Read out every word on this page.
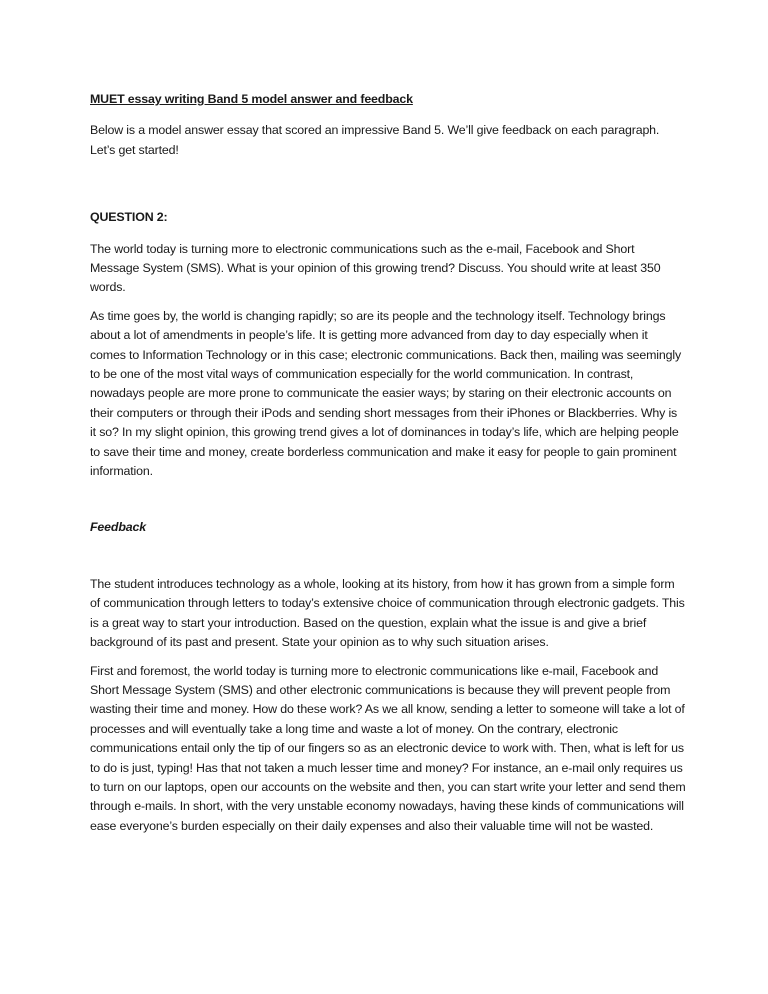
MUET essay writing Band 5 model answer and feedback

Below is a model answer essay that scored an impressive Band 5. We’ll give feedback on each paragraph. Let’s get started!

QUESTION 2:

The world today is turning more to electronic communications such as the e-mail, Facebook and Short Message System (SMS). What is your opinion of this growing trend? Discuss. You should write at least 350 words.

As time goes by, the world is changing rapidly; so are its people and the technology itself. Technology brings about a lot of amendments in people’s life. It is getting more advanced from day to day especially when it comes to Information Technology or in this case; electronic communications. Back then, mailing was seemingly to be one of the most vital ways of communication especially for the world communication. In contrast, nowadays people are more prone to communicate the easier ways; by staring on their electronic accounts on their computers or through their iPods and sending short messages from their iPhones or Blackberries. Why is it so? In my slight opinion, this growing trend gives a lot of dominances in today’s life, which are helping people to save their time and money, create borderless communication and make it easy for people to gain prominent information.

Feedback

The student introduces technology as a whole, looking at its history, from how it has grown from a simple form of communication through letters to today’s extensive choice of communication through electronic gadgets. This is a great way to start your introduction. Based on the question, explain what the issue is and give a brief background of its past and present. State your opinion as to why such situation arises.

First and foremost, the world today is turning more to electronic communications like e-mail, Facebook and Short Message System (SMS) and other electronic communications is because they will prevent people from wasting their time and money. How do these work? As we all know, sending a letter to someone will take a lot of processes and will eventually take a long time and waste a lot of money. On the contrary, electronic communications entail only the tip of our fingers so as an electronic device to work with. Then, what is left for us to do is just, typing! Has that not taken a much lesser time and money? For instance, an e-mail only requires us to turn on our laptops, open our accounts on the website and then, you can start write your letter and send them through e-mails. In short, with the very unstable economy nowadays, having these kinds of communications will ease everyone’s burden especially on their daily expenses and also their valuable time will not be wasted.
